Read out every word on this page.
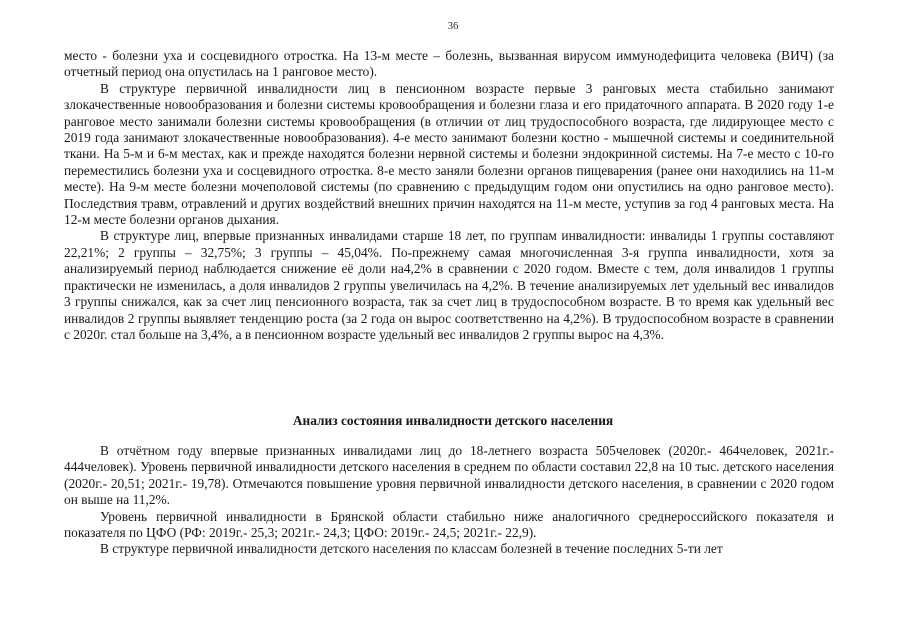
36

место - болезни уха и сосцевидного отростка. На 13-м месте – болезнь, вызванная вирусом иммунодефицита человека (ВИЧ) (за отчетный период она опустилась на 1 ранговое место).

В структуре первичной инвалидности лиц в пенсионном возрасте первые 3 ранговых места стабильно занимают злокачественные новообразования и болезни системы кровообращения и болезни глаза и его придаточного аппарата. В 2020 году 1-е ранговое место занимали болезни системы кровообращения (в отличии от лиц трудоспособного возраста, где лидирующее место с 2019 года занимают злокачественные новообразования). 4-е место занимают болезни костно - мышечной системы и соединительной ткани. На 5-м и 6-м местах, как и прежде находятся болезни нервной системы и болезни эндокринной системы. На 7-е место с 10-го переместились болезни уха и сосцевидного отростка. 8-е место заняли болезни органов пищеварения (ранее они находились на 11-м месте). На 9-м месте болезни мочеполовой системы (по сравнению с предыдущим годом они опустились на одно ранговое место). Последствия травм, отравлений и других воздействий внешних причин находятся на 11-м месте, уступив за год 4 ранговых места. На 12-м месте болезни органов дыхания.

В структуре лиц, впервые признанных инвалидами старше 18 лет, по группам инвалидности: инвалиды 1 группы составляют 22,21%; 2 группы – 32,75%; 3 группы – 45,04%. По-прежнему самая многочисленная 3-я группа инвалидности, хотя за анализируемый период наблюдается снижение её доли на4,2% в сравнении с 2020 годом. Вместе с тем, доля инвалидов 1 группы практически не изменилась, а доля инвалидов 2 группы увеличилась на 4,2%. В течение анализируемых лет удельный вес инвалидов 3 группы снижался, как за счет лиц пенсионного возраста, так за счет лиц в трудоспособном возрасте. В то время как удельный вес инвалидов 2 группы выявляет тенденцию роста (за 2 года он вырос соответственно на 4,2%). В трудоспособном возрасте в сравнении с 2020г. стал больше на 3,4%, а в пенсионном возрасте удельный вес инвалидов 2 группы вырос на 4,3%.

Анализ состояния инвалидности детского населения

В отчётном году впервые признанных инвалидами лиц до 18-летнего возраста 505человек (2020г.- 464человек, 2021г.- 444человек). Уровень первичной инвалидности детского населения в среднем по области составил 22,8 на 10 тыс. детского населения (2020г.- 20,51; 2021г.- 19,78). Отмечаются повышение уровня первичной инвалидности детского населения, в сравнении с 2020 годом он выше на 11,2%.

Уровень первичной инвалидности в Брянской области стабильно ниже аналогичного среднероссийского показателя и показателя по ЦФО (РФ: 2019г.- 25,3; 2021г.- 24,3; ЦФО: 2019г.- 24,5; 2021г.- 22,9).

В структуре первичной инвалидности детского населения по классам болезней в течение последних 5-ти лет
